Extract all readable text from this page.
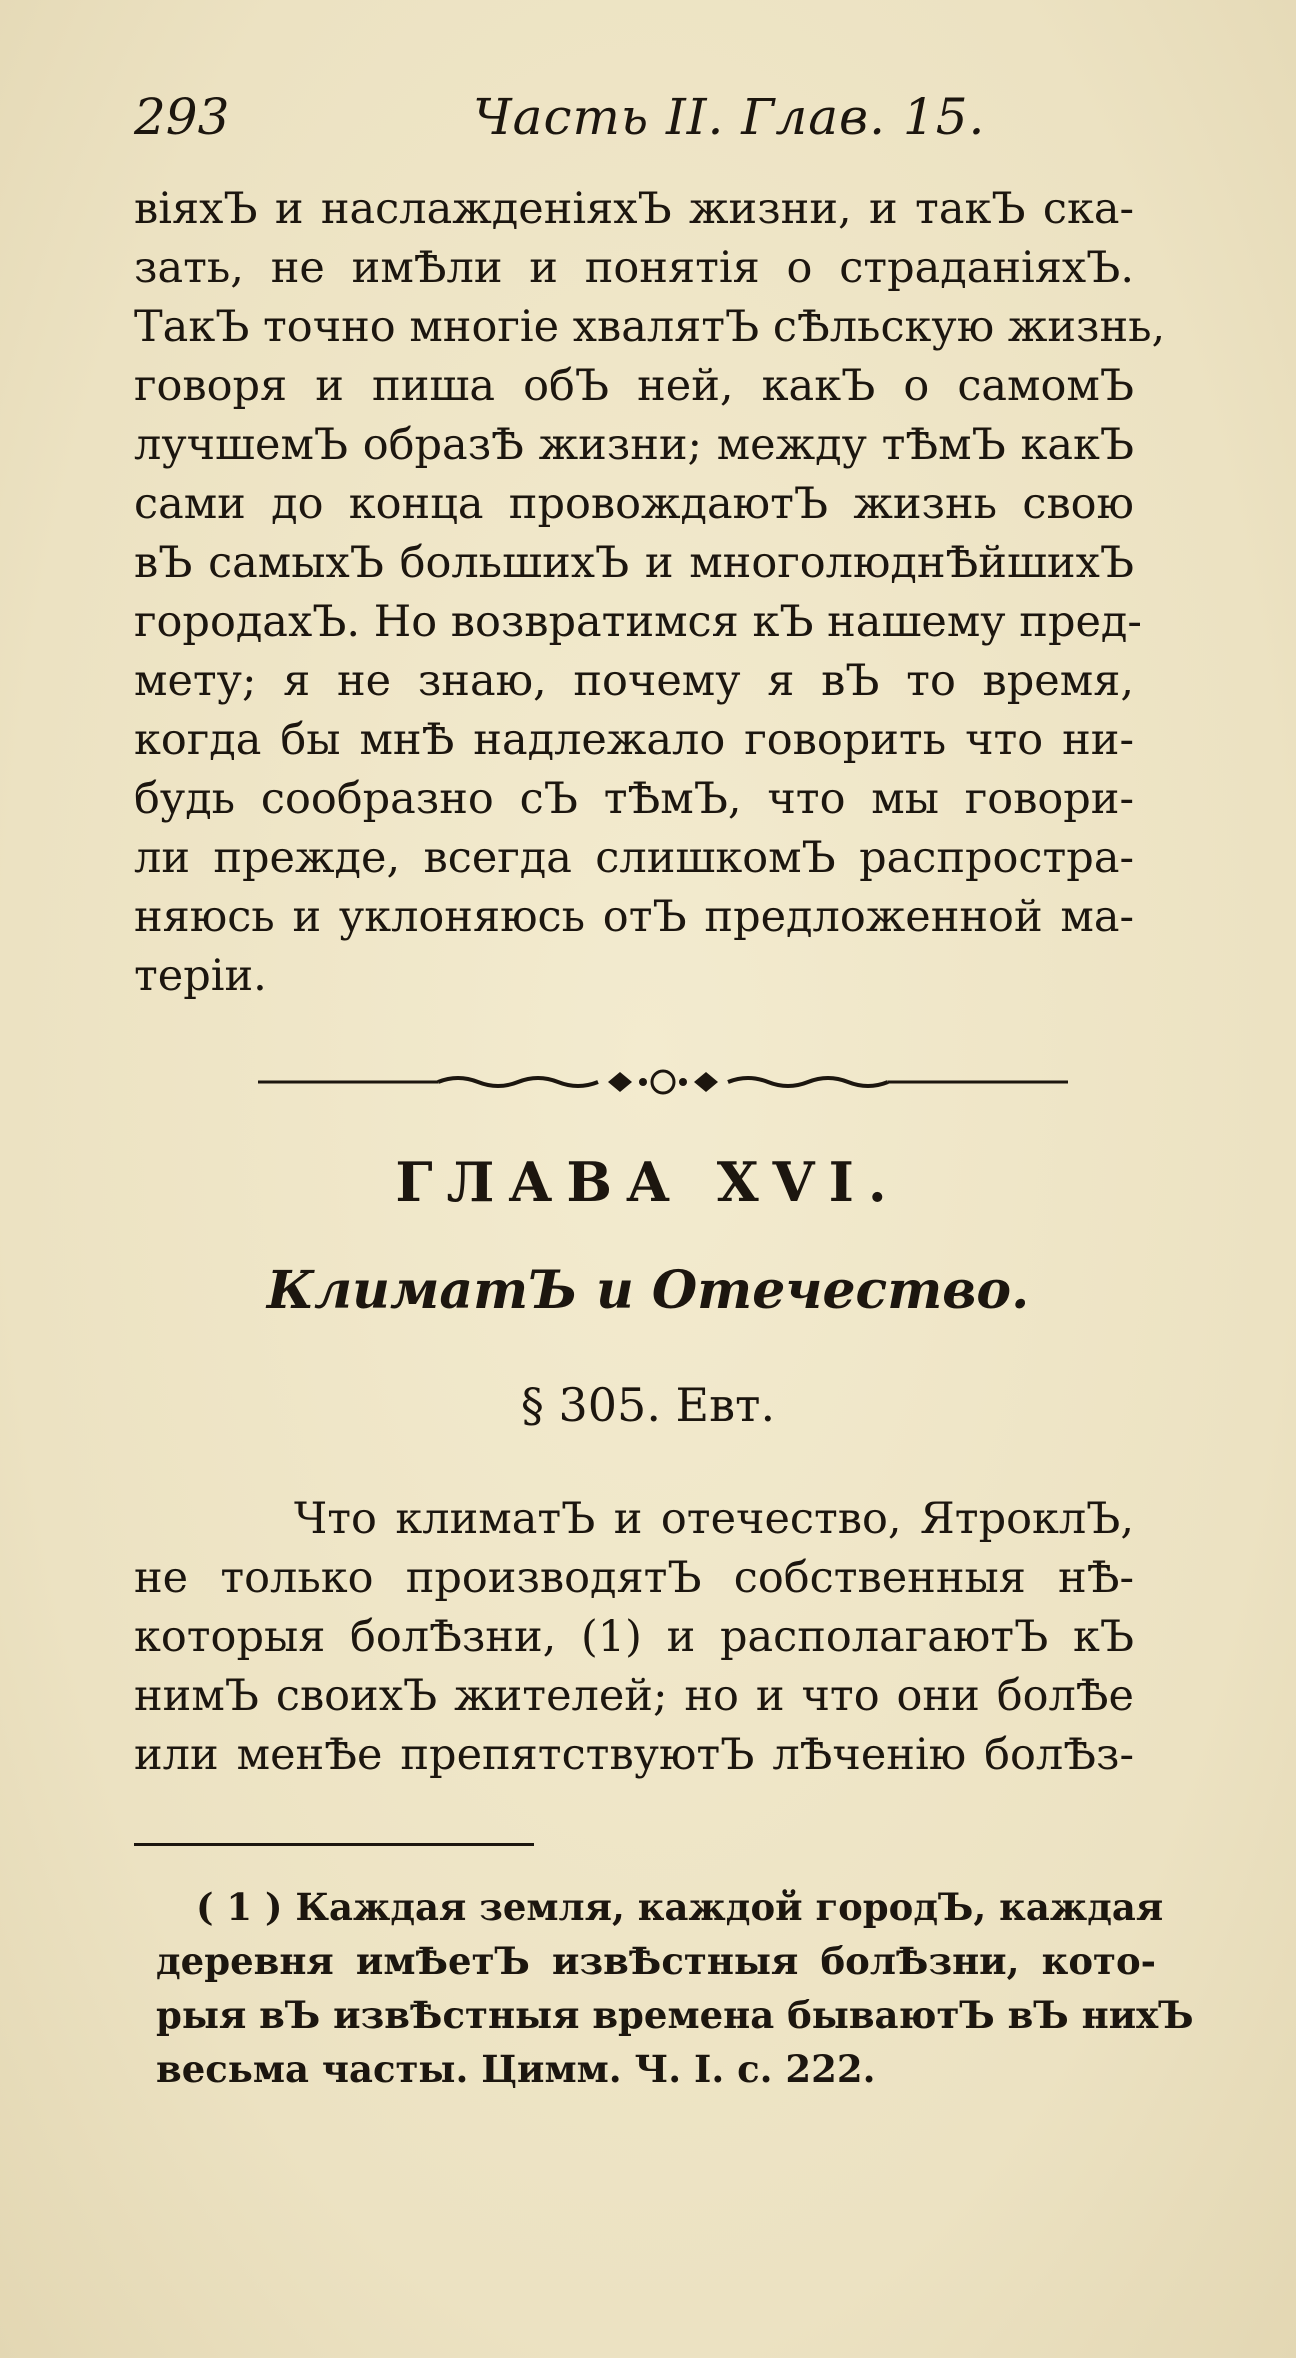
293	Часть II. Глав. 15.
віяхЪ и наслажденіяхЪ жизни, и такЪ ска-
зать, не имѢли и понятія о страданіяхЪ.
ТакЪ точно многіе хвалятЪ сѢльскую жизнь,
говоря и пиша обЪ ней, какЪ о самомЪ
лучшемЪ образѢ жизни; между тѢмЪ какЪ
сами до конца провождаютЪ жизнь свою
вЪ самыхЪ большихЪ и многолюднѢйшихЪ
городахЪ. Но возвратимся кЪ нашему пред-
мету; я не знаю, почему я вЪ то время,
когда бы мнѢ надлежало говорить что ни-
будь сообразно сЪ тѢмЪ, что мы говори-
ли прежде, всегда слишкомЪ распростра-
няюсь и уклоняюсь отЪ предложенной ма-
теріи.
ГЛАВА XVI.
КлиматЪ и Отечество.
§ 305. Евт.
Что климатЪ и отечество, ЯтроклЪ,
не только производятЪ собственныя нѢ-
которыя болѢзни, (1) и располагаютЪ кЪ
нимЪ своихЪ жителей; но и что они болѢе
или менѢе препятствуютЪ лѢченію болѢз-
( 1 ) Каждая земля, каждой городЪ, каждая
деревня имѢетЪ извѢстныя болѢзни, кото-
рыя вЪ извѢстныя времена бываютЪ вЪ нихЪ
весьма часты. Цимм. Ч. I. с. 222.
